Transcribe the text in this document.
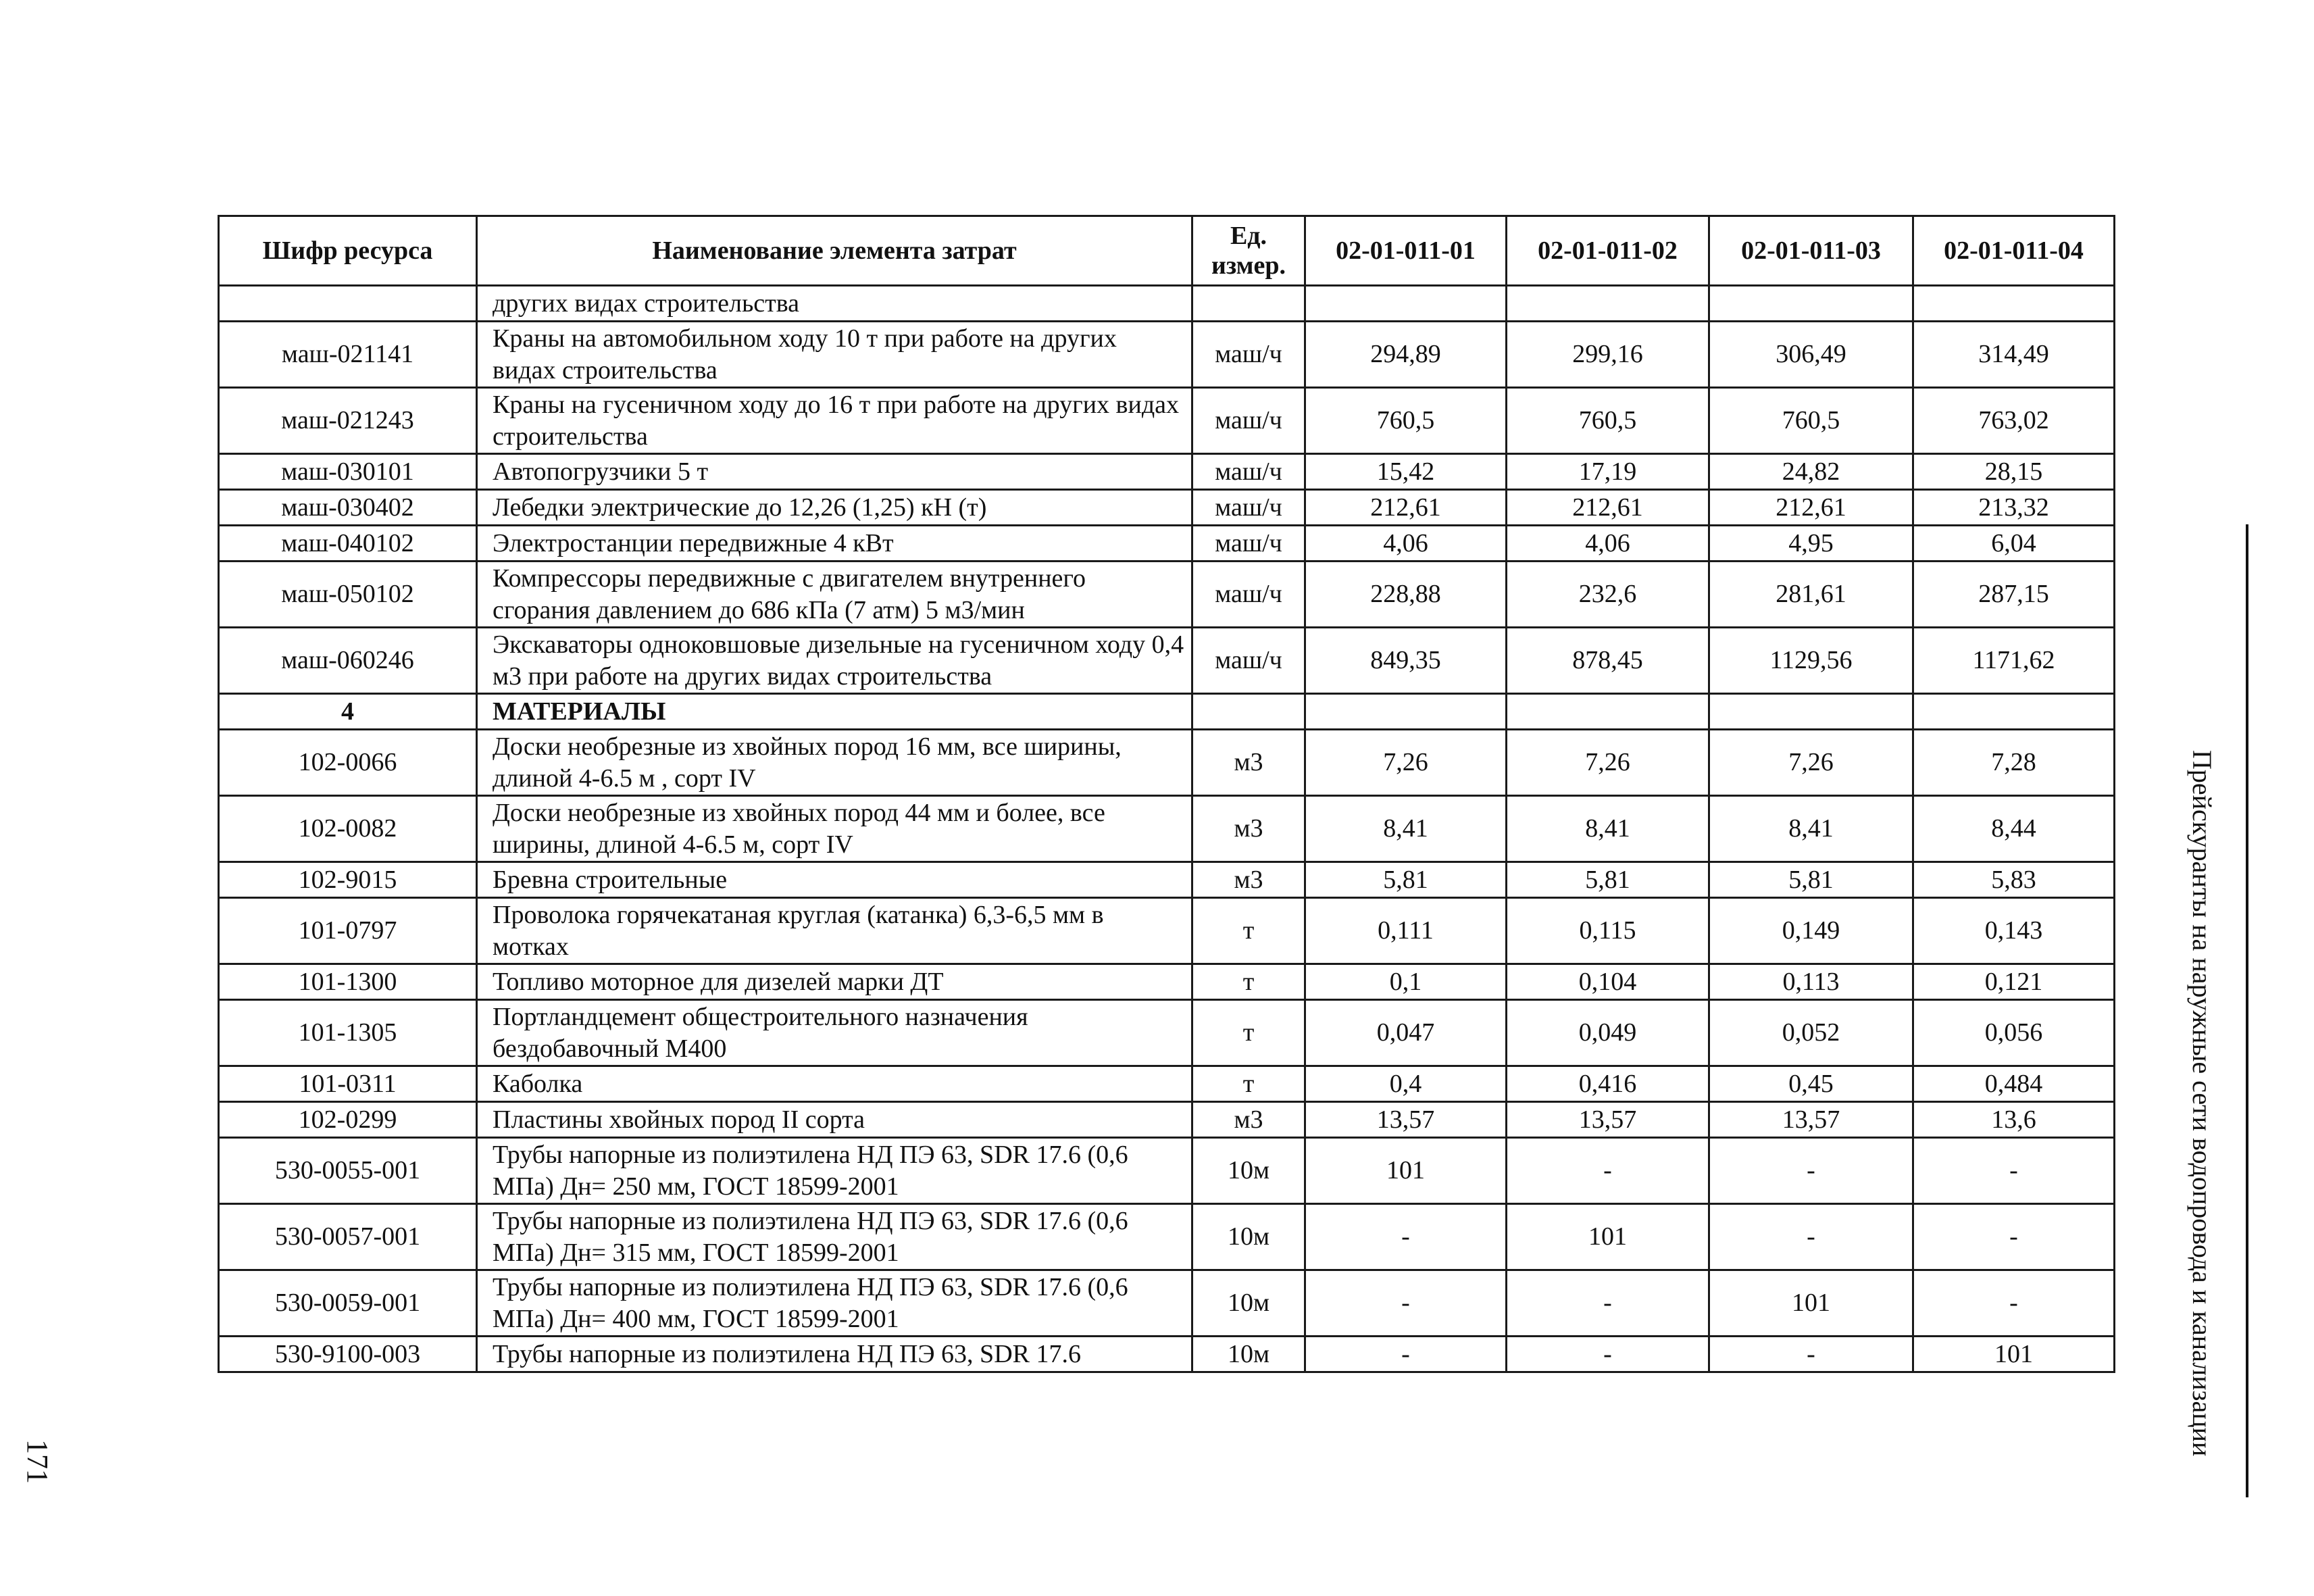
Шифр ресурса	Наименование элемента затрат	Ед. измер.	02-01-011-01	02-01-011-02	02-01-011-03	02-01-011-04
	других видах строительства					
маш-021141	Краны на автомобильном ходу 10 т при работе на других видах строительства	маш/ч	294,89	299,16	306,49	314,49
маш-021243	Краны на гусеничном ходу до 16 т при работе на других видах строительства	маш/ч	760,5	760,5	760,5	763,02
маш-030101	Автопогрузчики 5 т	маш/ч	15,42	17,19	24,82	28,15
маш-030402	Лебедки электрические до 12,26 (1,25) кН (т)	маш/ч	212,61	212,61	212,61	213,32
маш-040102	Электростанции передвижные 4 кВт	маш/ч	4,06	4,06	4,95	6,04
маш-050102	Компрессоры передвижные с двигателем внутреннего сгорания давлением до 686 кПа (7 атм) 5 м3/мин	маш/ч	228,88	232,6	281,61	287,15
маш-060246	Экскаваторы одноковшовые дизельные на гусеничном ходу 0,4 м3 при работе на других видах строительства	маш/ч	849,35	878,45	1129,56	1171,62
4	МАТЕРИАЛЫ					
102-0066	Доски необрезные из хвойных пород 16 мм, все ширины, длиной 4-6.5 м , сорт IV	м3	7,26	7,26	7,26	7,28
102-0082	Доски необрезные из хвойных пород 44 мм и более, все ширины, длиной 4-6.5 м, сорт IV	м3	8,41	8,41	8,41	8,44
102-9015	Бревна строительные	м3	5,81	5,81	5,81	5,83
101-0797	Проволока горячекатаная круглая (катанка) 6,3-6,5 мм в мотках	т	0,111	0,115	0,149	0,143
101-1300	Топливо моторное для дизелей марки ДТ	т	0,1	0,104	0,113	0,121
101-1305	Портландцемент общестроительного назначения бездобавочный М400	т	0,047	0,049	0,052	0,056
101-0311	Каболка	т	0,4	0,416	0,45	0,484
102-0299	Пластины хвойных пород II сорта	м3	13,57	13,57	13,57	13,6
530-0055-001	Трубы напорные из полиэтилена НД ПЭ 63, SDR 17.6 (0,6 МПа) Дн= 250 мм, ГОСТ 18599-2001	10м	101	-	-	-
530-0057-001	Трубы напорные из полиэтилена НД ПЭ 63, SDR 17.6 (0,6 МПа) Дн= 315 мм, ГОСТ 18599-2001	10м	-	101	-	-
530-0059-001	Трубы напорные из полиэтилена НД ПЭ 63, SDR 17.6 (0,6 МПа) Дн= 400 мм, ГОСТ 18599-2001	10м	-	-	101	-
530-9100-003	Трубы напорные из полиэтилена НД ПЭ 63, SDR 17.6	10м	-	-	-	101	Прейскуранты на наружные сети водопровода и канализации
171
